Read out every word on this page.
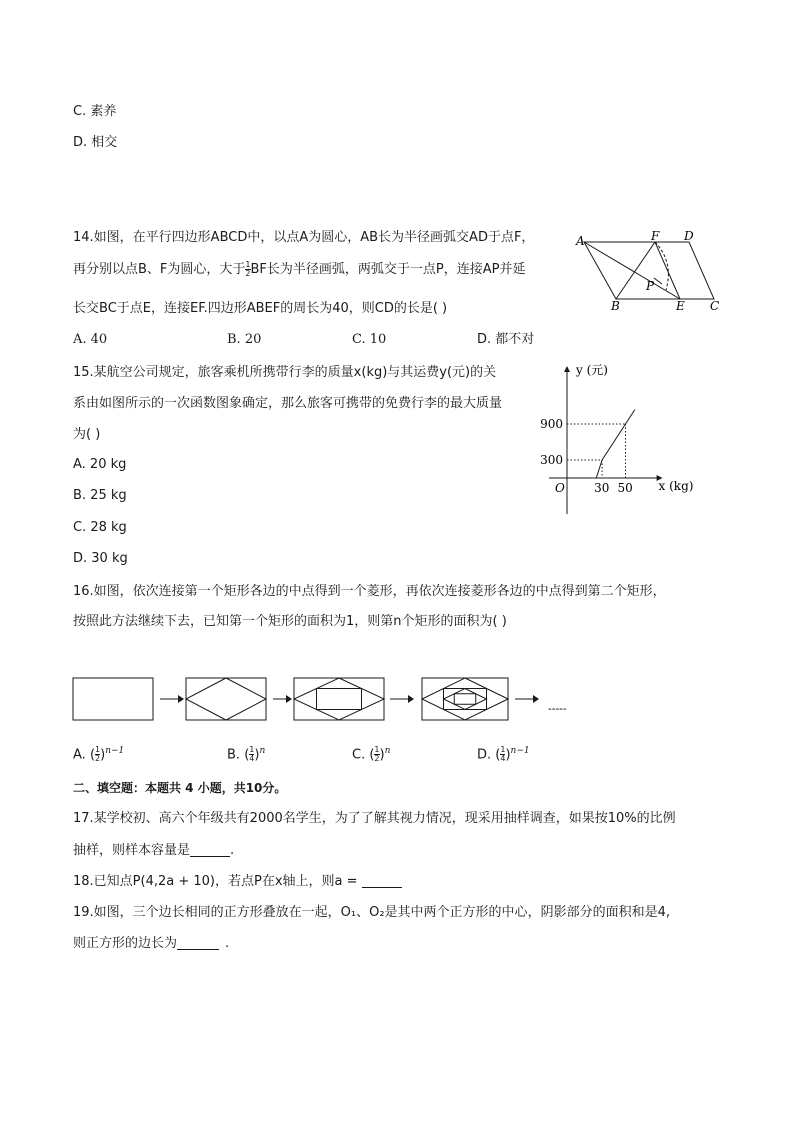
C. 素养
D. 相交
14.如图，在平行四边形ABCD中，以点A为圆心，AB长为半径画弧交AD于点F，
再分别以点B、F为圆心，大于 $\frac{1}{2}$ BF长为半径画弧，两弧交于一点P，连接AP并延
长交BC于点E，连接EF.四边形ABEF的周长为40，则CD的长是( )
A. 40	B. 20	C. 10	D. 都不对
A	F D
B	E C
P
15.某航空公司规定，旅客乘机所携带行李的质量x(kg)与其运费y(元)的关
系由如图所示的一次函数图象确定，那么旅客可携带的免费行李的最大质量
为( )
A. 20 kg
B. 25 kg
C. 28 kg
D. 30 kg
y (元)
x (kg)
O 30 50
300
900
16.如图，依次连接第一个矩形各边的中点得到一个菱形，再依次连接菱形各边的中点得到第二个矩形，
按照此方法继续下去，已知第一个矩形的面积为1，则第n个矩形的面积为( )
-----
A. ( $\frac{1}{2} )^{n-1}$	B. ( $\frac{1}{4} )^n$	C. ( $\frac{1}{2} )^n$	D. ( $\frac{1}{4} )^{n-1}$
二、填空题：本题共 4 小题，共10分。
17.某学校初、高六个年级共有2000名学生，为了了解其视力情况，现采用抽样调查，如果按10%的比例
抽样，则样本容量是	.
18.已知点P(4,2a + 10)，若点P在x轴上，则a =
19.如图，三个边长相同的正方形叠放在一起，O₁、O₂是其中两个正方形的中心，阴影部分的面积和是4,
则正方形的边长为	.
